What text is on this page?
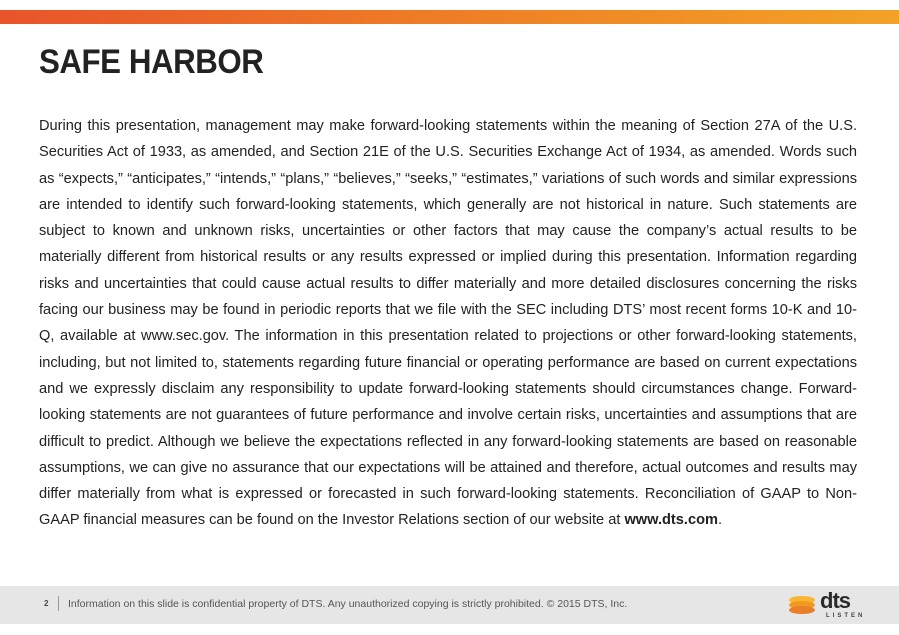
SAFE HARBOR

During this presentation, management may make forward-looking statements within the meaning of Section 27A of the U.S. Securities Act of 1933, as amended, and Section 21E of the U.S. Securities Exchange Act of 1934, as amended. Words such as “expects,” “anticipates,” “intends,” “plans,” “believes,” “seeks,” “estimates,” variations of such words and similar expressions are intended to identify such forward-looking statements, which generally are not historical in nature. Such statements are subject to known and unknown risks, uncertainties or other factors that may cause the company’s actual results to be materially different from historical results or any results expressed or implied during this presentation. Information regarding risks and uncertainties that could cause actual results to differ materially and more detailed disclosures concerning the risks facing our business may be found in periodic reports that we file with the SEC including DTS’ most recent forms 10-K and 10-Q, available at www.sec.gov. The information in this presentation related to projections or other forward-looking statements, including, but not limited to, statements regarding future financial or operating performance are based on current expectations and we expressly disclaim any responsibility to update forward-looking statements should circumstances change. Forward-looking statements are not guarantees of future performance and involve certain risks, uncertainties and assumptions that are difficult to predict. Although we believe the expectations reflected in any forward-looking statements are based on reasonable assumptions, we can give no assurance that our expectations will be attained and therefore, actual outcomes and results may differ materially from what is expressed or forecasted in such forward-looking statements. Reconciliation of GAAP to Non-GAAP financial measures can be found on the Investor Relations section of our website at www.dts.com.

2 Information on this slide is confidential property of DTS. Any unauthorized copying is strictly prohibited. © 2015 DTS, Inc.	dts
LISTEN
